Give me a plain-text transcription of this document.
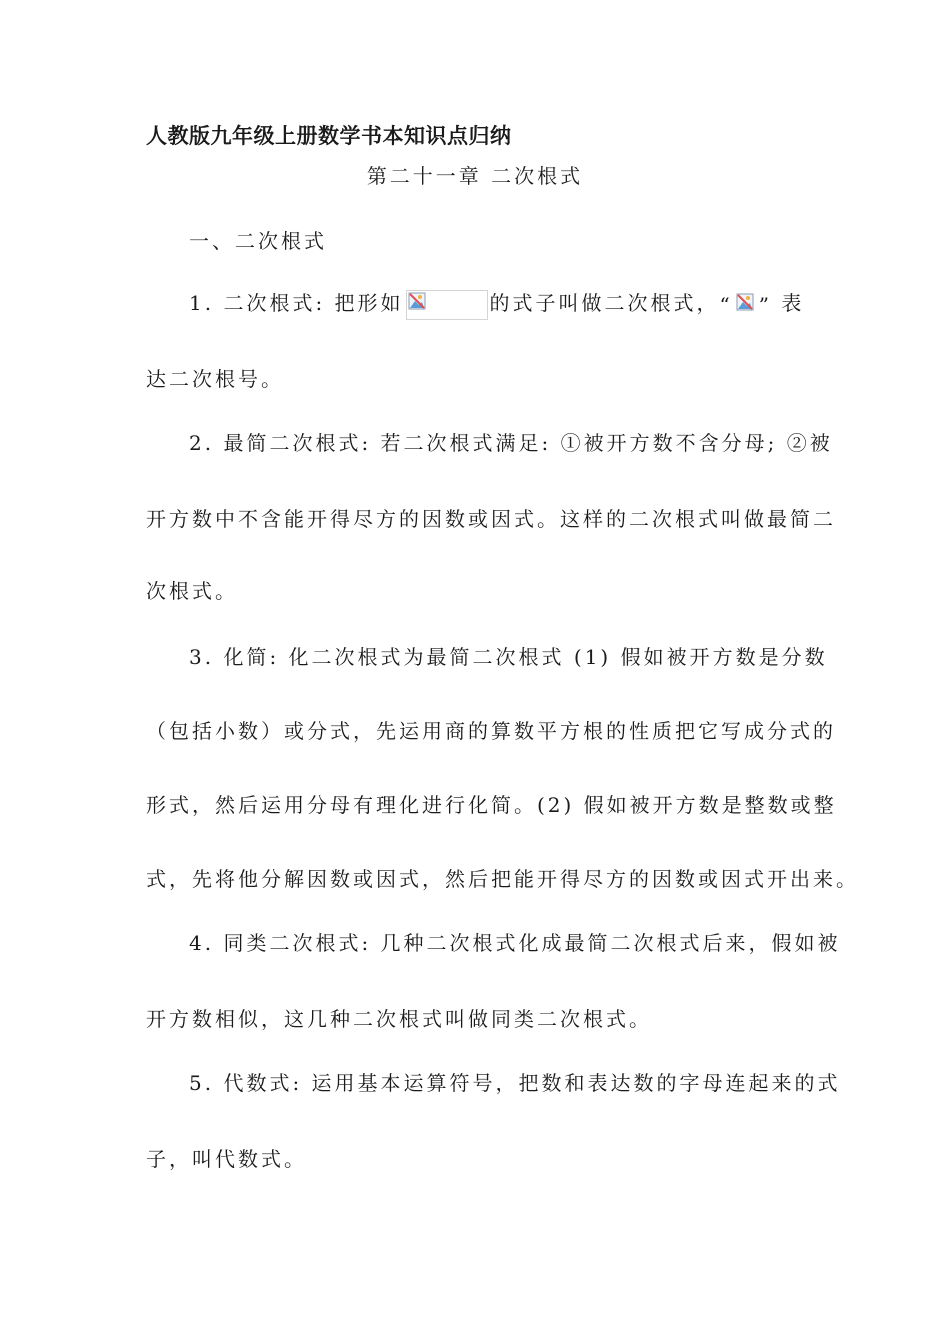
人教版九年级上册数学书本知识点归纳
第二十一章 二次根式
一、二次根式
1. 二次根式: 把形如	的式子叫做二次根式，“ ” 表
达二次根号。
2. 最简二次根式: 若二次根式满足: ①被开方数不含分母; ②被
开方数中不含能开得尽方的因数或因式。这样的二次根式叫做最简二
次根式。
3. 化简: 化二次根式为最简二次根式 (1) 假如被开方数是分数
（包括小数）或分式，先运用商的算数平方根的性质把它写成分式的
形式，然后运用分母有理化进行化简。(2) 假如被开方数是整数或整
式，先将他分解因数或因式，然后把能开得尽方的因数或因式开出来。
4. 同类二次根式: 几种二次根式化成最简二次根式后来，假如被
开方数相似，这几种二次根式叫做同类二次根式。
5. 代数式: 运用基本运算符号，把数和表达数的字母连起来的式
子，叫代数式。
